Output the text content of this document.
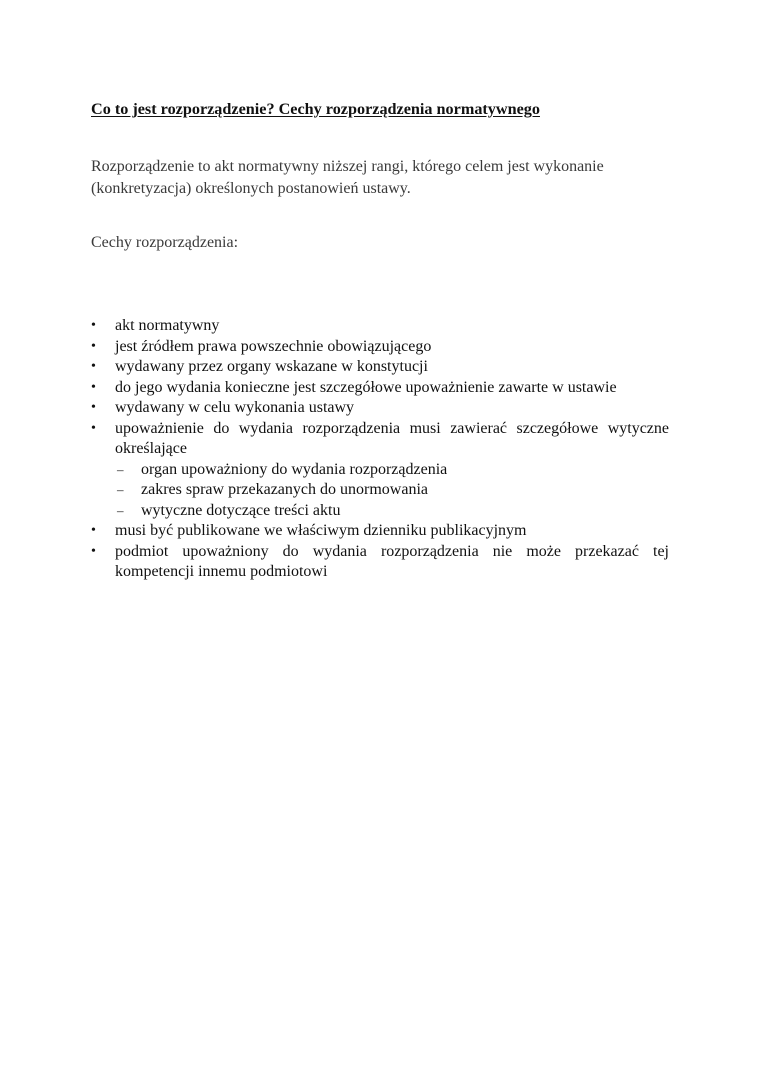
Co to jest rozporządzenie? Cechy rozporządzenia normatywnego

Rozporządzenie to akt normatywny niższej rangi, którego celem jest wykonanie (konkretyzacja) określonych postanowień ustawy.

Cechy rozporządzenia:

• akt normatywny
• jest źródłem prawa powszechnie obowiązującego
• wydawany przez organy wskazane w konstytucji
• do jego wydania konieczne jest szczegółowe upoważnienie zawarte w ustawie
• wydawany w celu wykonania ustawy
• upoważnienie do wydania rozporządzenia musi zawierać szczegółowe wytyczne określające
– organ upoważniony do wydania rozporządzenia
– zakres spraw przekazanych do unormowania
– wytyczne dotyczące treści aktu
• musi być publikowane we właściwym dzienniku publikacyjnym
• podmiot upoważniony do wydania rozporządzenia nie może przekazać tej kompetencji innemu podmiotowi
